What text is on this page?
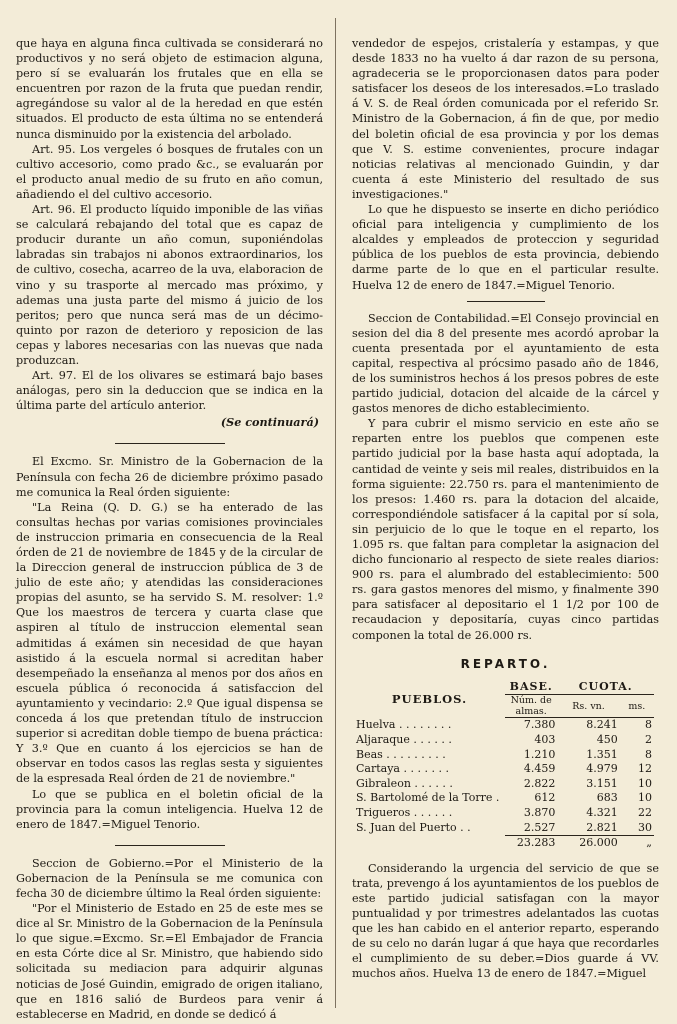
que haya en alguna finca cultivada se considerará no productivos y no será objeto de estimacion alguna, pero sí se evaluarán los frutales que en ella se encuentren por razon de la fruta que puedan rendir, agregándose su valor al de la heredad en que estén situados. El producto de esta última no se entenderá nunca disminuido por la existencia del arbolado.

Art. 95. Los vergeles ó bosques de frutales con un cultivo accesorio, como prado &c., se evaluarán por el producto anual medio de su fruto en año comun, añadiendo el del cultivo accesorio.

Art. 96. El producto líquido imponible de las viñas se calculará rebajando del total que es capaz de producir durante un año comun, suponiéndolas labradas sin trabajos ni abonos extraordinarios, los de cultivo, cosecha, acarreo de la uva, elaboracion de vino y su trasporte al mercado mas próximo, y ademas una justa parte del mismo á juicio de los peritos; pero que nunca será mas de un décimo-quinto por razon de deterioro y reposicion de las cepas y labores necesarias con las nuevas que nada produzcan.

Art. 97. El de los olivares se estimará bajo bases análogas, pero sin la deduccion que se indica en la última parte del artículo anterior.

(Se continuará)

El Excmo. Sr. Ministro de la Gobernacion de la Península con fecha 26 de diciembre próximo pasado me comunica la Real órden siguiente:

"La Reina (Q. D. G.) se ha enterado de las consultas hechas por varias comisiones provinciales de instruccion primaria en consecuencia de la Real órden de 21 de noviembre de 1845 y de la circular de la Direccion general de instruccion pública de 3 de julio de este año; y atendidas las consideraciones propias del asunto, se ha servido S. M. resolver: 1.º Que los maestros de tercera y cuarta clase que aspiren al título de instruccion elemental sean admitidas á exámen sin necesidad de que hayan asistido á la escuela normal si acreditan haber desempeñado la enseñanza al menos por dos años en escuela pública ó reconocida á satisfaccion del ayuntamiento y vecindario: 2.º Que igual dispensa se conceda á los que pretendan título de instruccion superior si acreditan doble tiempo de buena práctica: Y 3.º Que en cuanto á los ejercicios se han de observar en todos casos las reglas sesta y siguientes de la espresada Real órden de 21 de noviembre."

Lo que se publica en el boletin oficial de la provincia para la comun inteligencia. Huelva 12 de enero de 1847.=Miguel Tenorio.

Seccion de Gobierno.=Por el Ministerio de la Gobernacion de la Península se me comunica con fecha 30 de diciembre último la Real órden siguiente:

"Por el Ministerio de Estado en 25 de este mes se dice al Sr. Ministro de la Gobernacion de la Península lo que sigue.=Excmo. Sr.=El Embajador de Francia en esta Córte dice al Sr. Ministro, que habiendo sido solicitada su mediacion para adquirir algunas noticias de José Guindin, emigrado de origen italiano, que en 1816 salió de Burdeos para venir á establecerse en Madrid, en donde se dedicó á

vendedor de espejos, cristalería y estampas, y que desde 1833 no ha vuelto á dar razon de su persona, agradeceria se le proporcionasen datos para poder satisfacer los deseos de los interesados.=Lo traslado á V. S. de Real órden comunicada por el referido Sr. Ministro de la Gobernacion, á fin de que, por medio del boletin oficial de esa provincia y por los demas que V. S. estime convenientes, procure indagar noticias relativas al mencionado Guindin, y dar cuenta á este Ministerio del resultado de sus investigaciones."

Lo que he dispuesto se inserte en dicho periódico oficial para inteligencia y cumplimiento de los alcaldes y empleados de proteccion y seguridad pública de los pueblos de esta provincia, debiendo darme parte de lo que en el particular resulte. Huelva 12 de enero de 1847.=Miguel Tenorio.

Seccion de Contabilidad.=El Consejo provincial en sesion del dia 8 del presente mes acordó aprobar la cuenta presentada por el ayuntamiento de esta capital, respectiva al prócsimo pasado año de 1846, de los suministros hechos á los presos pobres de este partido judicial, dotacion del alcaide de la cárcel y gastos menores de dicho establecimiento.

Y para cubrir el mismo servicio en este año se reparten entre los pueblos que compenen este partido judicial por la base hasta aquí adoptada, la cantidad de veinte y seis mil reales, distribuidos en la forma siguiente: 22.750 rs. para el mantenimiento de los presos: 1.460 rs. para la dotacion del alcaide, correspondiéndole satisfacer á la capital por sí sola, sin perjuicio de lo que le toque en el reparto, los 1.095 rs. que faltan para completar la asignacion del dicho funcionario al respecto de siete reales diarios: 900 rs. para el alumbrado del establecimiento: 500 rs. gara gastos menores del mismo, y finalmente 390 para satisfacer al depositario el 1 1/2 por 100 de recaudacion y depositaría, cuyas cinco partidas componen la total de 26.000 rs.

REPARTO.
PUEBLOS.	BASE.	CUOTA.	
	Núm. de almas.	Rs. vn.	ms.
Huelva . . . . . . . .	7.380	8.241	8
Aljaraque . . . . . .	403	450	2
Beas . . . . . . . . .	1.210	1.351	8
Cartaya . . . . . . .	4.459	4.979	12
Gibraleon . . . . . .	2.822	3.151	10
S. Bartolomé de la Torre .	612	683	10
Trigueros . . . . . .	3.870	4.321	22
S. Juan del Puerto . .	2.527	2.821	30
	23.283	26.000	„

Considerando la urgencia del servicio de que se trata, prevengo á los ayuntamientos de los pueblos de este partido judicial satisfagan con la mayor puntualidad y por trimestres adelantados las cuotas que les han cabido en el anterior reparto, esperando de su celo no darán lugar á que haya que recordarles el cumplimiento de su deber.=Dios guarde á VV. muchos años. Huelva 13 de enero de 1847.=Miguel
